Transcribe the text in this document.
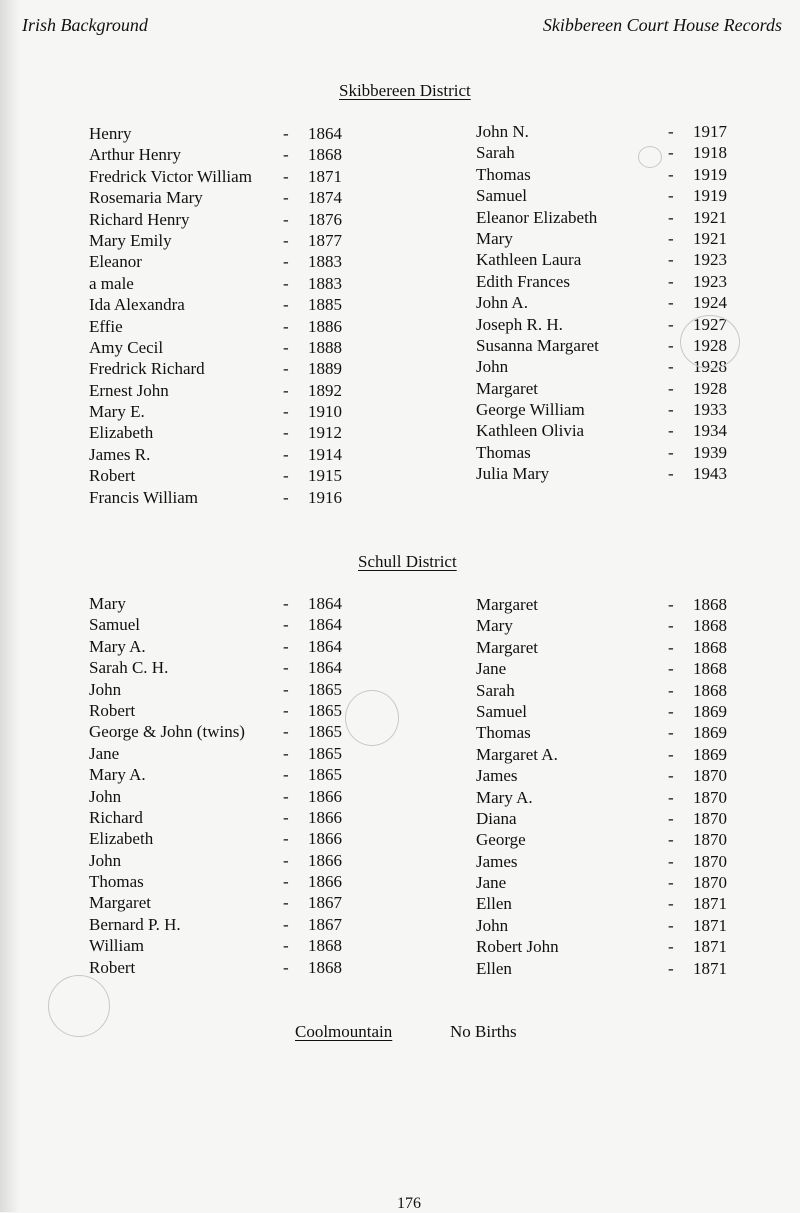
Irish Background	Skibbereen Court House Records
Skibbereen District
Henry	- 1864
Arthur Henry	- 1868
Fredrick Victor William - 1871
Rosemaria Mary	- 1874
Richard Henry	- 1876
Mary Emily	- 1877
Eleanor	- 1883
a male	- 1883
Ida Alexandra	- 1885
Effie	- 1886
Amy Cecil	- 1888
Fredrick Richard	- 1889
Ernest John	- 1892
Mary E.	- 1910
Elizabeth	- 1912
James R.	- 1914
Robert	- 1915
Francis William	- 1916
John N.	- 1917
Sarah	- 1918
Thomas	- 1919
Samuel	- 1919
Eleanor Elizabeth	- 1921
Mary	- 1921
Kathleen Laura	- 1923
Edith Frances	- 1923
John A.	- 1924
Joseph R. H.	- 1927
Susanna Margaret	- 1928
John	- 1928
Margaret	- 1928
George William	- 1933
Kathleen Olivia	- 1934
Thomas	- 1939
Julia Mary	- 1943
Schull District
Mary	- 1864
Samuel	- 1864
Mary A.	- 1864
Sarah C. H.	- 1864
John	- 1865
Robert	- 1865
George & John (twins) - 1865
Jane	- 1865
Mary A.	- 1865
John	- 1866
Richard	- 1866
Elizabeth	- 1866
John	- 1866
Thomas	- 1866
Margaret	- 1867
Bernard P. H.	- 1867
William	- 1868
Robert	- 1868
Margaret	- 1868
Mary	- 1868
Margaret	- 1868
Jane	- 1868
Sarah	- 1868
Samuel	- 1869
Thomas	- 1869
Margaret A.	- 1869
James	- 1870
Mary A.	- 1870
Diana	- 1870
George	- 1870
James	- 1870
Jane	- 1870
Ellen	- 1871
John	- 1871
Robert John	- 1871
Ellen	- 1871
Coolmountain	No Births
176
